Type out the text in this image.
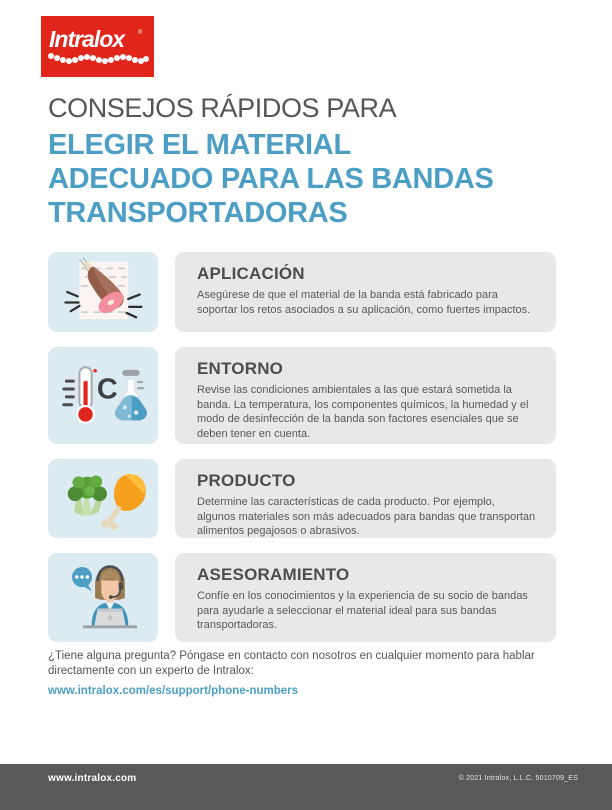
Intralox	®
CONSEJOS RÁPIDOS PARA
ELEGIR EL MATERIAL
ADECUADO PARA LAS BANDAS
TRANSPORTADORAS
APLICACIÓN
Asegúrese de que el material de la banda está fabricado para soportar los retos asociados a su aplicación, como fuertes impactos.
C
ENTORNO
Revise las condiciones ambientales a las que estará sometida la banda. La temperatura, los componentes químicos, la humedad y el modo de desinfección de la banda son factores esenciales que se deben tener en cuenta.
PRODUCTO
Determine las características de cada producto. Por ejemplo, algunos materiales son más adecuados para bandas que transportan alimentos pegajosos o abrasivos.
ASESORAMIENTO
Confíe en los conocimientos y la experiencia de su socio de bandas para ayudarle a seleccionar el material ideal para sus bandas transportadoras.
¿Tiene alguna pregunta? Póngase en contacto con nosotros en cualquier momento para hablar directamente con un experto de Intralox:
www.intralox.com/es/support/phone-numbers
www.intralox.com	© 2021 Intralox, L.L.C. 5010709_ES
